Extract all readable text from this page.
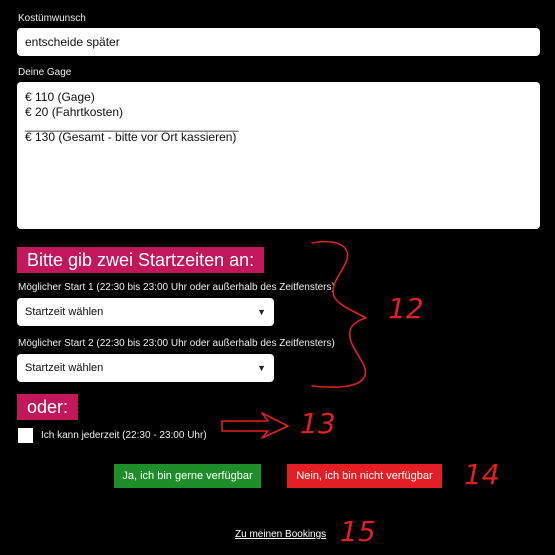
Kostümwunsch
entscheide später
Deine Gage
€ 110 (Gage)
€ 20 (Fahrtkosten)
________________________________
€ 130 (Gesamt - bitte vor Ort kassieren)
Bitte gib zwei Startzeiten an:
Möglicher Start 1 (22:30 bis 23:00 Uhr oder außerhalb des Zeitfensters)
Startzeit wählen	▼
Möglicher Start 2 (22:30 bis 23:00 Uhr oder außerhalb des Zeitfensters)
Startzeit wählen	▼
oder:
Ich kann jederzeit (22:30 - 23:00 Uhr)
Ja, ich bin gerne verfügbar	Nein, ich bin nicht verfügbar
Zu meinen Bookings
12
13
14
15
